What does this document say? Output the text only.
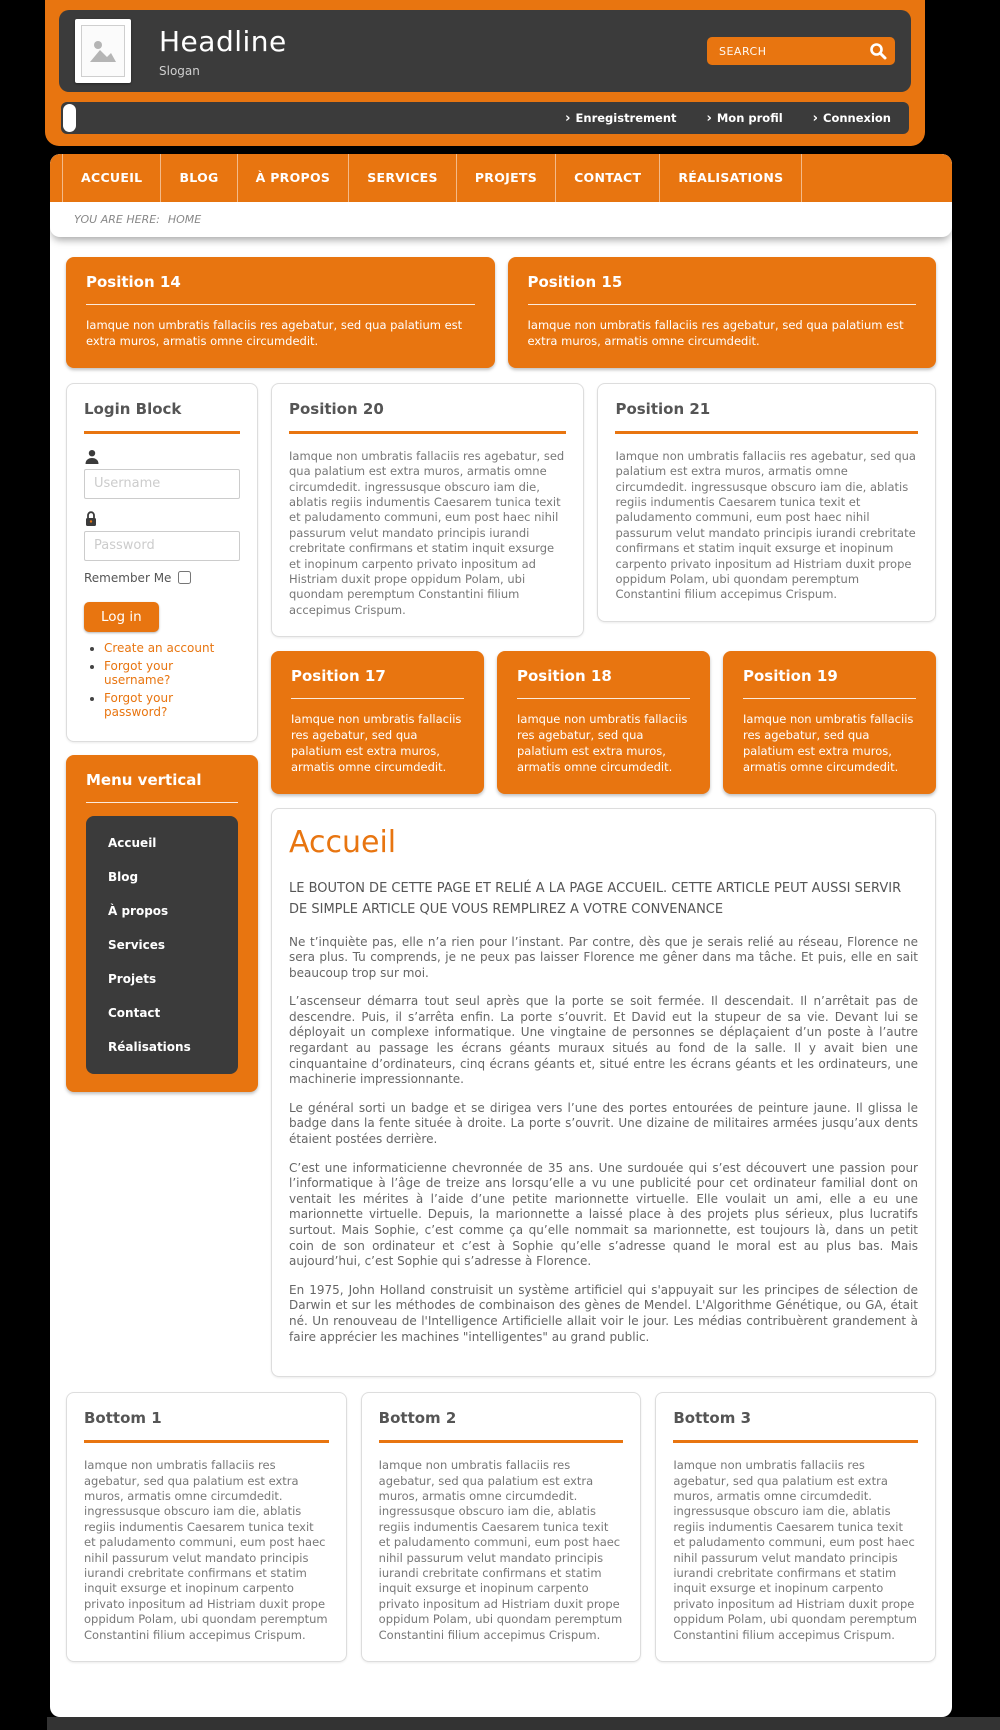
Headline
Slogan
SEARCH
› Enregistrement › Mon profil › Connexion
ACCUEIL	BLOG	À PROPOS	SERVICES	PROJETS	CONTACT	RÉALISATIONS
YOU ARE HERE: HOME
Position 14

Iamque non umbratis fallaciis res agebatur, sed qua palatium est extra muros, armatis omne circumdedit.

Position 15

Iamque non umbratis fallaciis res agebatur, sed qua palatium est extra muros, armatis omne circumdedit.

Login Block
Username
Remember Me
Log in
• Create an account
• Forgot your username?
• Forgot your password?
Menu vertical
Accueil
Blog
À propos
Services
Projets
Contact
Réalisations
Position 20

Iamque non umbratis fallaciis res agebatur, sed qua palatium est extra muros, armatis omne circumdedit. ingressusque obscuro iam die, ablatis regiis indumentis Caesarem tunica texit et paludamento communi, eum post haec nihil passurum velut mandato principis iurandi crebritate confirmans et statim inquit exsurge et inopinum carpento privato inpositum ad Histriam duxit prope oppidum Polam, ubi quondam peremptum Constantini filium accepimus Crispum.

Position 21

Iamque non umbratis fallaciis res agebatur, sed qua palatium est extra muros, armatis omne circumdedit. ingressusque obscuro iam die, ablatis regiis indumentis Caesarem tunica texit et paludamento communi, eum post haec nihil passurum velut mandato principis iurandi crebritate confirmans et statim inquit exsurge et inopinum carpento privato inpositum ad Histriam duxit prope oppidum Polam, ubi quondam peremptum Constantini filium accepimus Crispum.

Position 17

Iamque non umbratis fallaciis res agebatur, sed qua palatium est extra muros, armatis omne circumdedit.

Position 18

Iamque non umbratis fallaciis res agebatur, sed qua palatium est extra muros, armatis omne circumdedit.

Position 19

Iamque non umbratis fallaciis res agebatur, sed qua palatium est extra muros, armatis omne circumdedit.

Accueil

LE BOUTON DE CETTE PAGE ET RELIÉ A LA PAGE ACCUEIL. CETTE ARTICLE PEUT AUSSI SERVIR DE SIMPLE ARTICLE QUE VOUS REMPLIREZ A VOTRE CONVENANCE

Ne t’inquiète pas, elle n’a rien pour l’instant. Par contre, dès que je serais relié au réseau, Florence ne sera plus. Tu comprends, je ne peux pas laisser Florence me gêner dans ma tâche. Et puis, elle en sait beaucoup trop sur moi.

L’ascenseur démarra tout seul après que la porte se soit fermée. Il descendait. Il n’arrêtait pas de descendre. Puis, il s’arrêta enfin. La porte s’ouvrit. Et David eut la stupeur de sa vie. Devant lui se déployait un complexe informatique. Une vingtaine de personnes se déplaçaient d’un poste à l’autre regardant au passage les écrans géants muraux situés au fond de la salle. Il y avait bien une cinquantaine d’ordinateurs, cinq écrans géants et, situé entre les écrans géants et les ordinateurs, une machinerie impressionnante.

Le général sorti un badge et se dirigea vers l’une des portes entourées de peinture jaune. Il glissa le badge dans la fente située à droite. La porte s’ouvrit. Une dizaine de militaires armées jusqu’aux dents étaient postées derrière.

C’est une informaticienne chevronnée de 35 ans. Une surdouée qui s’est découvert une passion pour l’informatique à l’âge de treize ans lorsqu’elle a vu une publicité pour cet ordinateur familial dont on ventait les mérites à l’aide d’une petite marionnette virtuelle. Elle voulait un ami, elle a eu une marionnette virtuelle. Depuis, la marionnette a laissé place à des projets plus sérieux, plus lucratifs surtout. Mais Sophie, c’est comme ça qu’elle nommait sa marionnette, est toujours là, dans un petit coin de son ordinateur et c’est à Sophie qu’elle s’adresse quand le moral est au plus bas. Mais aujourd’hui, c’est Sophie qui s’adresse à Florence.

En 1975, John Holland construisit un système artificiel qui s'appuyait sur les principes de sélection de Darwin et sur les méthodes de combinaison des gènes de Mendel. L'Algorithme Génétique, ou GA, était né. Un renouveau de l'Intelligence Artificielle allait voir le jour. Les médias contribuèrent grandement à faire apprécier les machines "intelligentes" au grand public.

Bottom 1

Iamque non umbratis fallaciis res agebatur, sed qua palatium est extra muros, armatis omne circumdedit. ingressusque obscuro iam die, ablatis regiis indumentis Caesarem tunica texit et paludamento communi, eum post haec nihil passurum velut mandato principis iurandi crebritate confirmans et statim inquit exsurge et inopinum carpento privato inpositum ad Histriam duxit prope oppidum Polam, ubi quondam peremptum Constantini filium accepimus Crispum.

Bottom 2

Iamque non umbratis fallaciis res agebatur, sed qua palatium est extra muros, armatis omne circumdedit. ingressusque obscuro iam die, ablatis regiis indumentis Caesarem tunica texit et paludamento communi, eum post haec nihil passurum velut mandato principis iurandi crebritate confirmans et statim inquit exsurge et inopinum carpento privato inpositum ad Histriam duxit prope oppidum Polam, ubi quondam peremptum Constantini filium accepimus Crispum.

Bottom 3

Iamque non umbratis fallaciis res agebatur, sed qua palatium est extra muros, armatis omne circumdedit. ingressusque obscuro iam die, ablatis regiis indumentis Caesarem tunica texit et paludamento communi, eum post haec nihil passurum velut mandato principis iurandi crebritate confirmans et statim inquit exsurge et inopinum carpento privato inpositum ad Histriam duxit prope oppidum Polam, ubi quondam peremptum Constantini filium accepimus Crispum.
